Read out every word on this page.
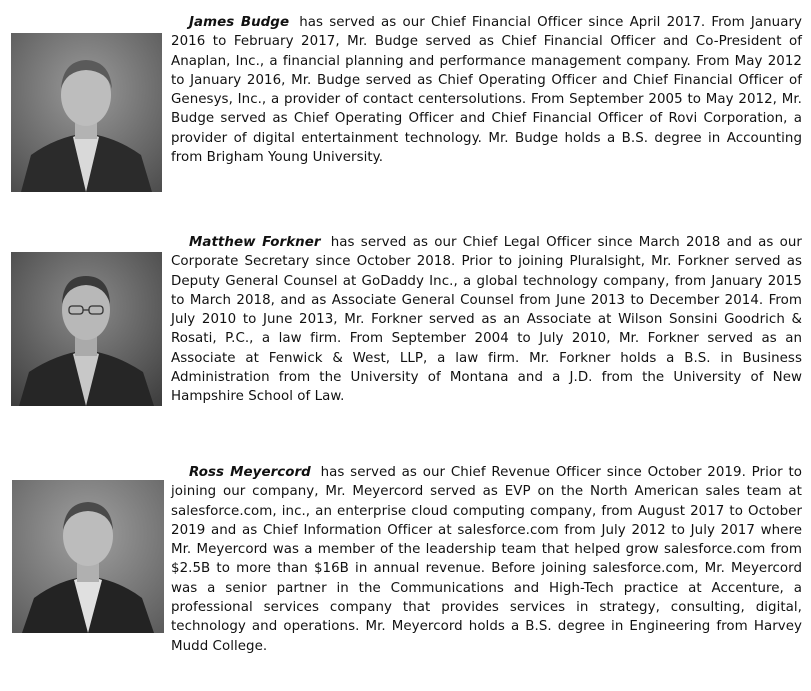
James Budge has served as our Chief Financial Officer since April 2017. From January 2016 to February 2017, Mr. Budge served as Chief Financial Officer and Co-President of Anaplan, Inc., a financial planning and performance management company. From May 2012 to January 2016, Mr. Budge served as Chief Operating Officer and Chief Financial Officer of Genesys, Inc., a provider of contact centersolutions. From September 2005 to May 2012, Mr. Budge served as Chief Operating Officer and Chief Financial Officer of Rovi Corporation, a provider of digital entertainment technology. Mr. Budge holds a B.S. degree in Accounting from Brigham Young University.

Matthew Forkner has served as our Chief Legal Officer since March 2018 and as our Corporate Secretary since October 2018. Prior to joining Pluralsight, Mr. Forkner served as Deputy General Counsel at GoDaddy Inc., a global technology company, from January 2015 to March 2018, and as Associate General Counsel from June 2013 to December 2014. From July 2010 to June 2013, Mr. Forkner served as an Associate at Wilson Sonsini Goodrich & Rosati, P.C., a law firm. From September 2004 to July 2010, Mr. Forkner served as an Associate at Fenwick & West, LLP, a law firm. Mr. Forkner holds a B.S. in Business Administration from the University of Montana and a J.D. from the University of New Hampshire School of Law.

Ross Meyercord has served as our Chief Revenue Officer since October 2019. Prior to joining our company, Mr. Meyercord served as EVP on the North American sales team at salesforce.com, inc., an enterprise cloud computing company, from August 2017 to October 2019 and as Chief Information Officer at salesforce.com from July 2012 to July 2017 where Mr. Meyercord was a member of the leadership team that helped grow salesforce.com from $2.5B to more than $16B in annual revenue. Before joining salesforce.com, Mr. Meyercord was a senior partner in the Communications and High-Tech practice at Accenture, a professional services company that provides services in strategy, consulting, digital, technology and operations. Mr. Meyercord holds a B.S. degree in Engineering from Harvey Mudd College.
